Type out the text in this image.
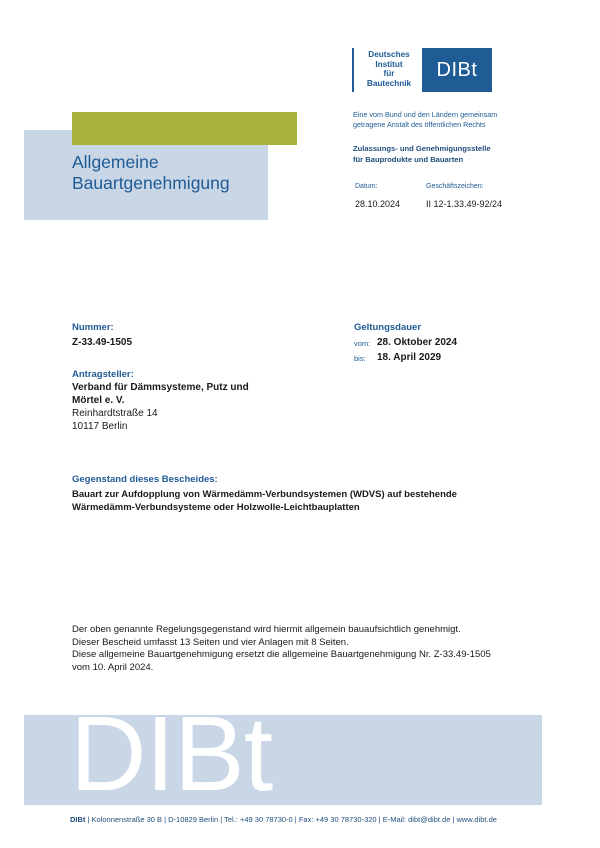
Deutsches
Institut
für
Bautechnik
DIBt
Eine vom Bund und den Ländern gemeinsam
getragene Anstalt des öffentlichen Rechts
Zulassungs- und Genehmigungsstelle
für Bauprodukte und Bauarten
Datum:	Geschäftszeichen:
28.10.2024	II 12-1.33.49-92/24
Allgemeine
Bauartgenehmigung
Nummer:
Z-33.49-1505
Geltungsdauer
vom: 28. Oktober 2024
bis: 18. April 2029
Antragsteller:
Verband für Dämmsysteme, Putz und
Mörtel e. V.
Reinhardtstraße 14
10117 Berlin
Gegenstand dieses Bescheides:
Bauart zur Aufdopplung von Wärmedämm-Verbundsystemen (WDVS) auf bestehende
Wärmedämm-Verbundsysteme oder Holzwolle-Leichtbauplatten
Der oben genannte Regelungsgegenstand wird hiermit allgemein bauaufsichtlich genehmigt.
Dieser Bescheid umfasst 13 Seiten und vier Anlagen mit 8 Seiten.
Diese allgemeine Bauartgenehmigung ersetzt die allgemeine Bauartgenehmigung Nr. Z-33.49-1505
vom 10. April 2024.
DIBt
DIBt | Kolonnenstraße 30 B | D-10829 Berlin | Tel.: +49 30 78730-0 | Fax: +49 30 78730-320 | E-Mail: dibt@dibt.de | www.dibt.de
